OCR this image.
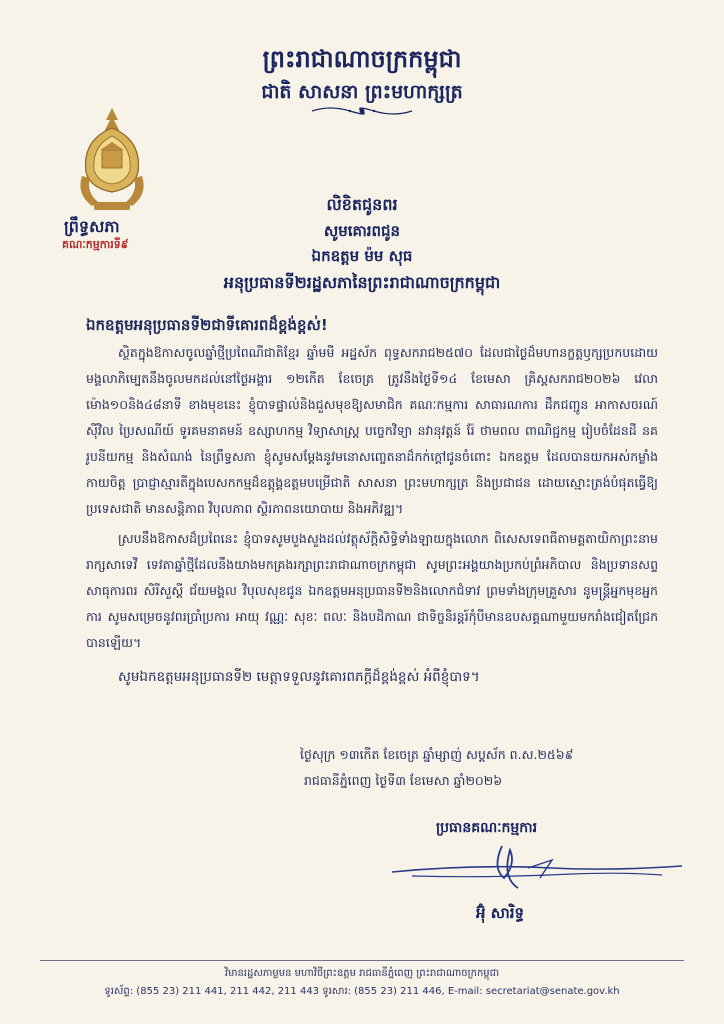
ព្រះរាជាណាចក្រកម្ពុជា
ជាតិ សាសនា ព្រះមហាក្សត្រ
ព្រឹទ្ធសភា
គណៈកម្មការទី៩
លិខិតជូនពរ
សូមគោរពជូន
ឯកឧត្តម ម៉ម សុធ
អនុប្រធានទី២រដ្ឋសភានៃព្រះរាជាណាចក្រកម្ពុជា

ឯកឧត្តមអនុប្រធានទី២ជាទីគោរពដ៏ខ្ពង់ខ្ពស់!

ស្ថិតក្នុងឱកាសចូលឆ្នាំថ្មីប្រពៃណីជាតិខ្មែរ ឆ្នាំមមី អដ្ឋស័ក ពុទ្ធសករាជ២៥៧០ ដែលជាថ្ងៃដ៏មហានក្ខត្តឫក្សប្រកបដោយមង្គលាភិម្បេតនឹងចូលមកដល់នៅថ្ងៃអង្គារ ១២កើត ខែចេត្រ ត្រូវនឹងថ្ងៃទី១៤ ខែមេសា គ្រិស្តសករាជ២០២៦ វេលាម៉ោង១០និង៤៨នាទី ខាងមុខនេះ ខ្ញុំបាទផ្ទាល់និងជួសមុខឱ្យសមាជិក គណៈកម្មការ សាធារណការ ដឹកជញ្ជូន អាកាសចរណ៍ស៊ីវិល ប្រៃសណីយ៍ ទូរគមនាគមន៍ ឧស្សាហកម្ម វិទ្យាសាស្ត្រ បច្ចេកវិទ្យា នវានុវត្តន៍ រ៉ែ ថាមពល ពាណិជ្ជកម្ម រៀបចំដែនដី នគរូបនីយកម្ម និងសំណង់ នៃព្រឹទ្ធសភា ខ្ញុំសូមសម្តែងនូវមនោសញ្ចេតនាដ៏កក់ក្តៅជូនចំពោះ ឯកឧត្តម ដែលបានយកអស់កម្លាំងកាយចិត្ត ប្រាជ្ញាស្មារតីក្នុងបេសកកម្មដ៏ឧត្តុង្គឧត្តមបម្រើជាតិ សាសនា ព្រះមហាក្សត្រ និងប្រជាជន ដោយស្មោះត្រង់បំផុតធ្វើឱ្យប្រទេសជាតិ មានសន្តិភាព វិបុលភាព ស្ថិរភាពនយោបាយ និងអភិវឌ្ឍ។

ស្របនឹងឱកាសដ៏ប្រពៃនេះ ខ្ញុំបាទសូមបួងសួងដល់វត្ថុស័ក្តិសិទ្ធិទាំងឡាយក្នុងលោក ពិសេសទេពធីតាមគ្គតាយិកាព្រះនាមរាក្សសាទេវី ទេវតាឆ្នាំថ្មីដែលនឹងយាងមកគ្រងរក្សាព្រះរាជាណាចក្រកម្ពុជា សូមព្រះអង្គយាងប្រកប់ព្រំអភិបាល និងប្រទានសព្ទសាធុការពរ សិរីសួស្តី ជ័យមង្គល វិបុលសុខជូន ឯកឧត្តមអនុប្រធានទី២និងលោកជំទាវ ព្រមទាំងក្រុមគ្រួសារ នូមន្ត្រីអ្នកមុខអ្នកការ សូមសម្រេចនូវពរប្រាំប្រការ អាយុ វណ្ណៈ សុខៈ ពលៈ និងបដិភាណ ជាទិច្ចនិរន្តរ៍កុំបីមានឧបសគ្គណាមួយមករាំងជៀតជ្រែកបានឡើយ។

សូមឯកឧត្តមអនុប្រធានទី២ មេត្តាទទួលនូវគោរពភក្តីដ៏ខ្ពង់ខ្ពស់ អំពីខ្ញុំបាទ។

ថ្ងៃសុក្រ ១៣កើត ខែចេត្រ ឆ្នាំម្សាញ់ សប្តស័ក ព.ស.២៥៦៩
រាជធានីភ្នំពេញ ថ្ងៃទី៣ ខែមេសា ឆ្នាំ២០២៦
ប្រធានគណៈកម្មការ
អ៊ុំ សារិទ្ធ
វិមានរដ្ឋសភាម្លមន មហាវិថីព្រះឧត្តម រាជធានីភ្នំពេញ ព្រះរាជាណាចក្រកម្ពុជា
ទូរស័ព្ទ: (855 23) 211 441, 211 442, 211 443 ទូរសារ: (855 23) 211 446, E-mail: secretariat@senate.gov.kh
